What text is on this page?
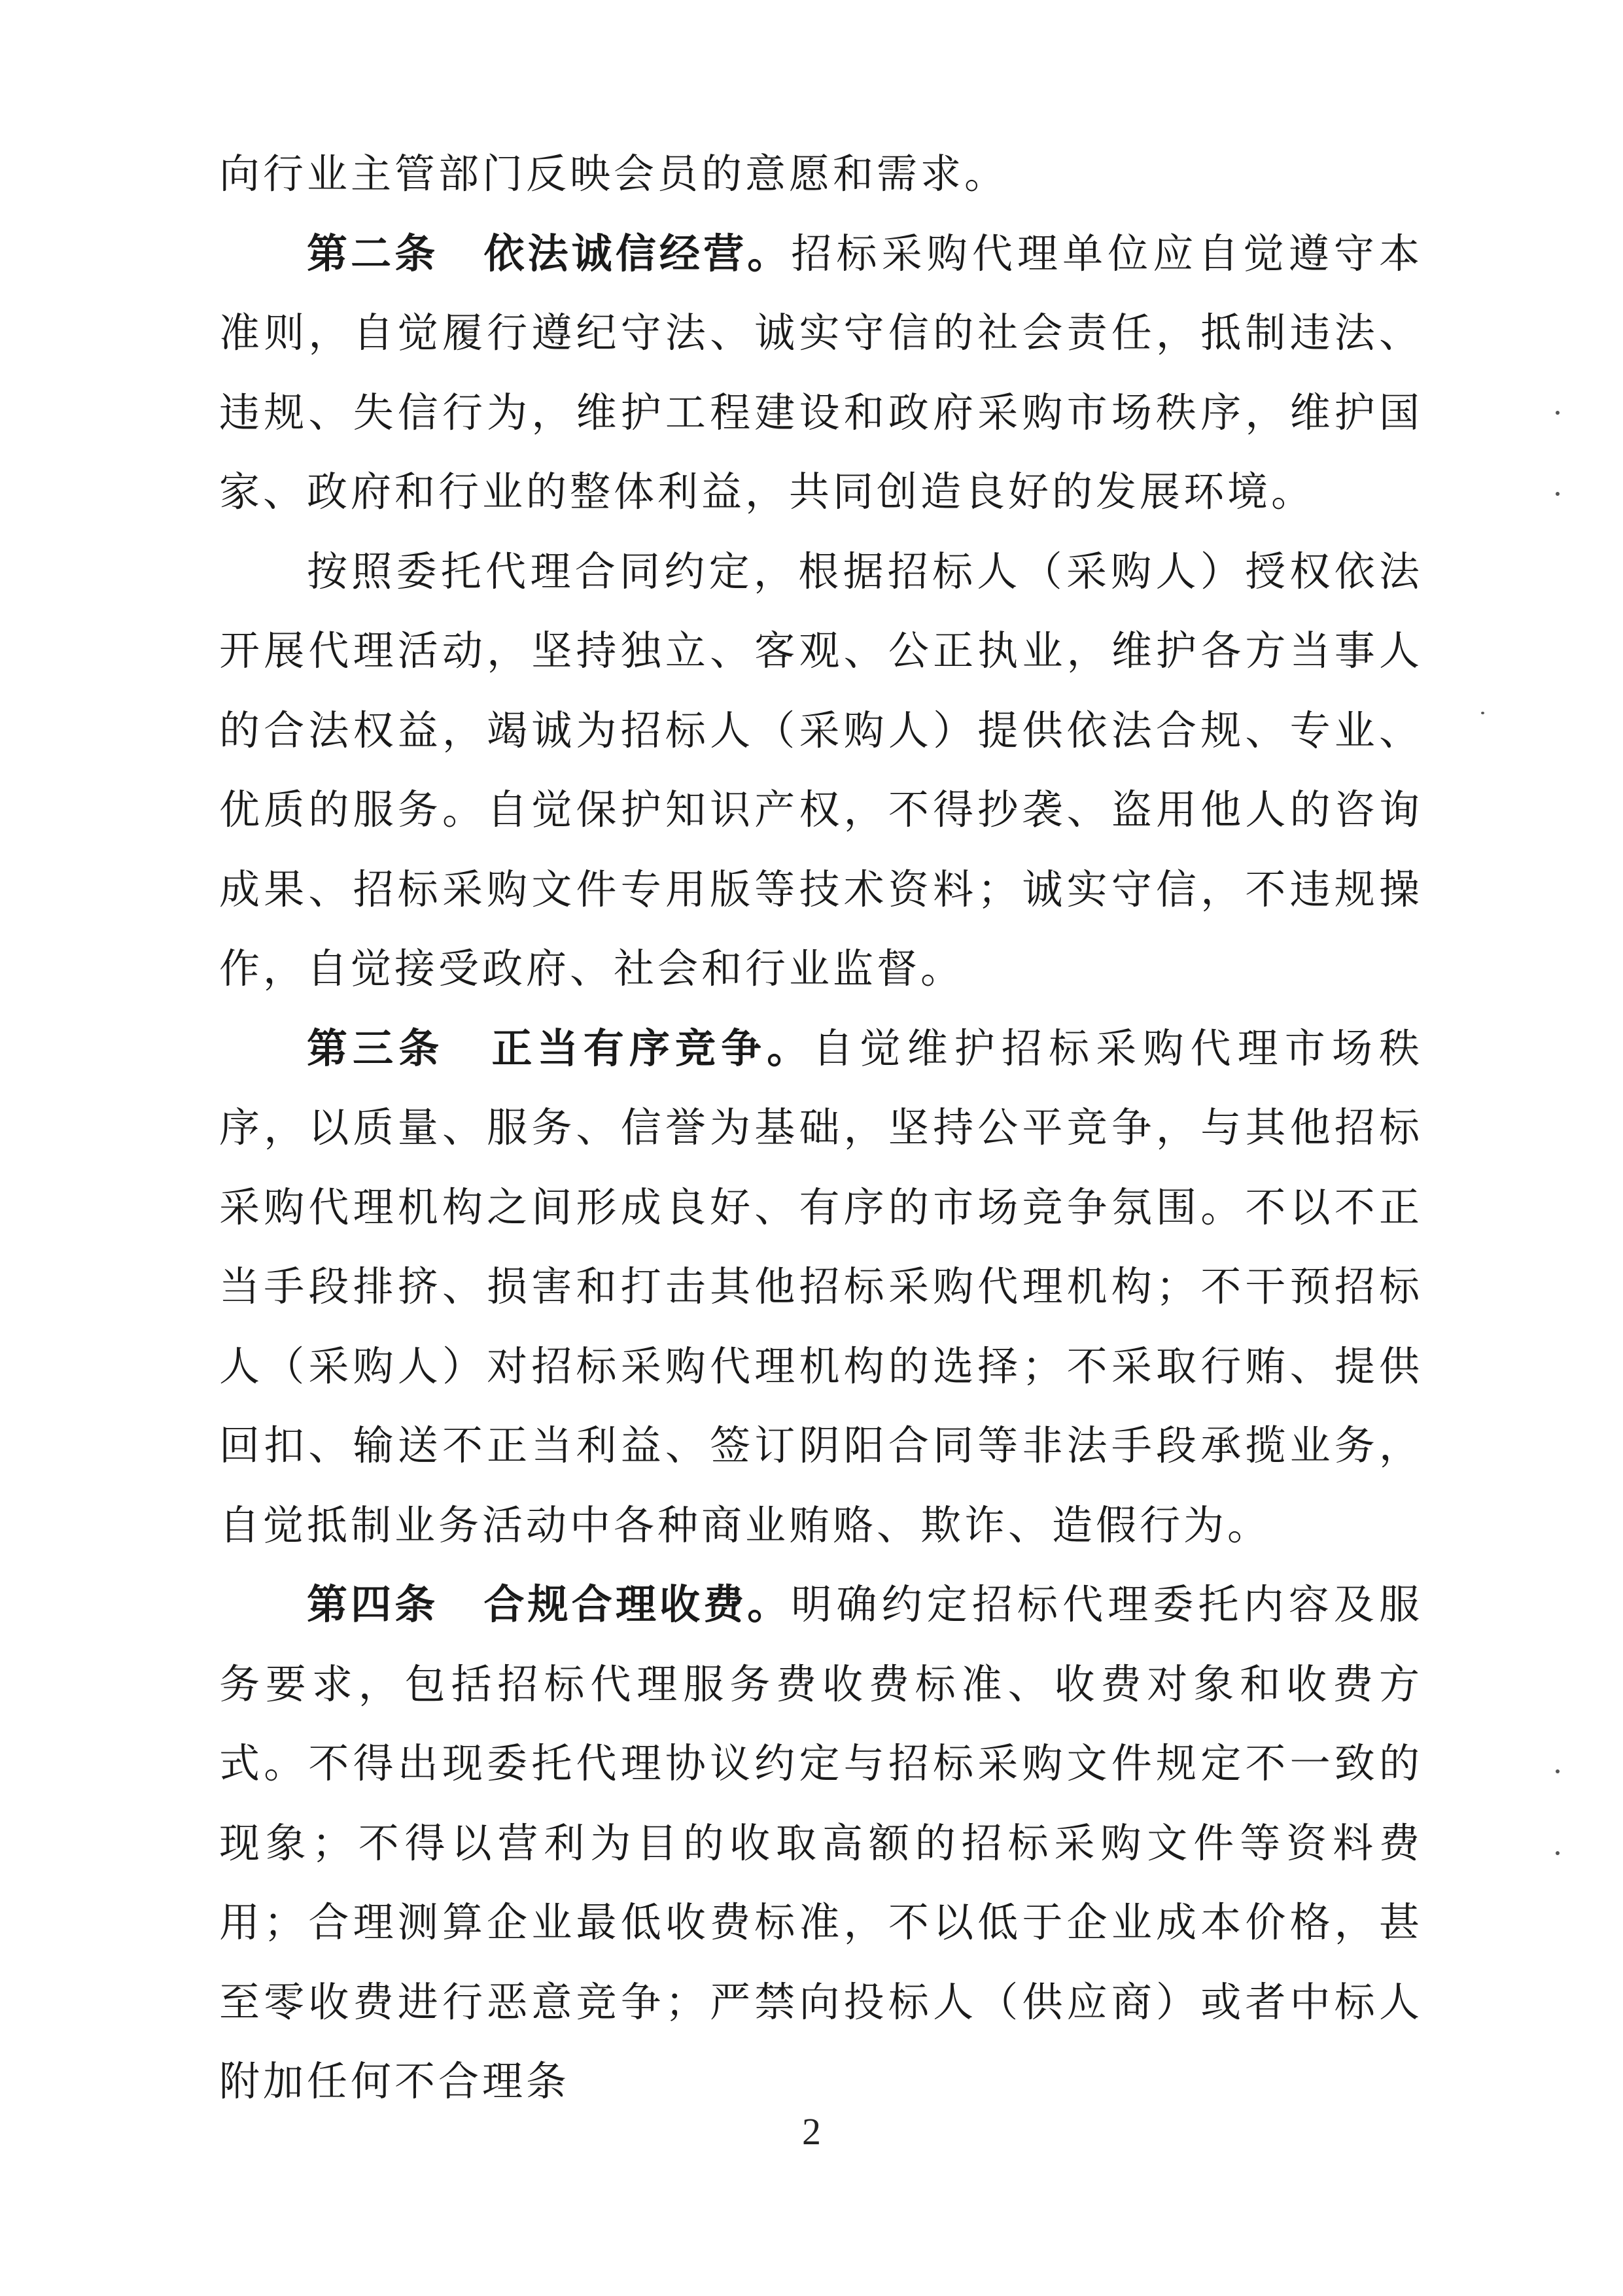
向行业主管部门反映会员的意愿和需求。

第二条  依法诚信经营。招标采购代理单位应自觉遵守本准则，自觉履行遵纪守法、诚实守信的社会责任，抵制违法、违规、失信行为，维护工程建设和政府采购市场秩序，维护国家、政府和行业的整体利益，共同创造良好的发展环境。

按照委托代理合同约定，根据招标人（采购人）授权依法开展代理活动，坚持独立、客观、公正执业，维护各方当事人的合法权益，竭诚为招标人（采购人）提供依法合规、专业、优质的服务。自觉保护知识产权，不得抄袭、盗用他人的咨询成果、招标采购文件专用版等技术资料；诚实守信，不违规操作，自觉接受政府、社会和行业监督。

第三条  正当有序竞争。自觉维护招标采购代理市场秩序，以质量、服务、信誉为基础，坚持公平竞争，与其他招标采购代理机构之间形成良好、有序的市场竞争氛围。不以不正当手段排挤、损害和打击其他招标采购代理机构；不干预招标人（采购人）对招标采购代理机构的选择；不采取行贿、提供回扣、输送不正当利益、签订阴阳合同等非法手段承揽业务，自觉抵制业务活动中各种商业贿赂、欺诈、造假行为。

第四条  合规合理收费。明确约定招标代理委托内容及服务要求，包括招标代理服务费收费标准、收费对象和收费方式。不得出现委托代理协议约定与招标采购文件规定不一致的现象；不得以营利为目的收取高额的招标采购文件等资料费用；合理测算企业最低收费标准，不以低于企业成本价格，甚至零收费进行恶意竞争；严禁向投标人（供应商）或者中标人附加任何不合理条

2
